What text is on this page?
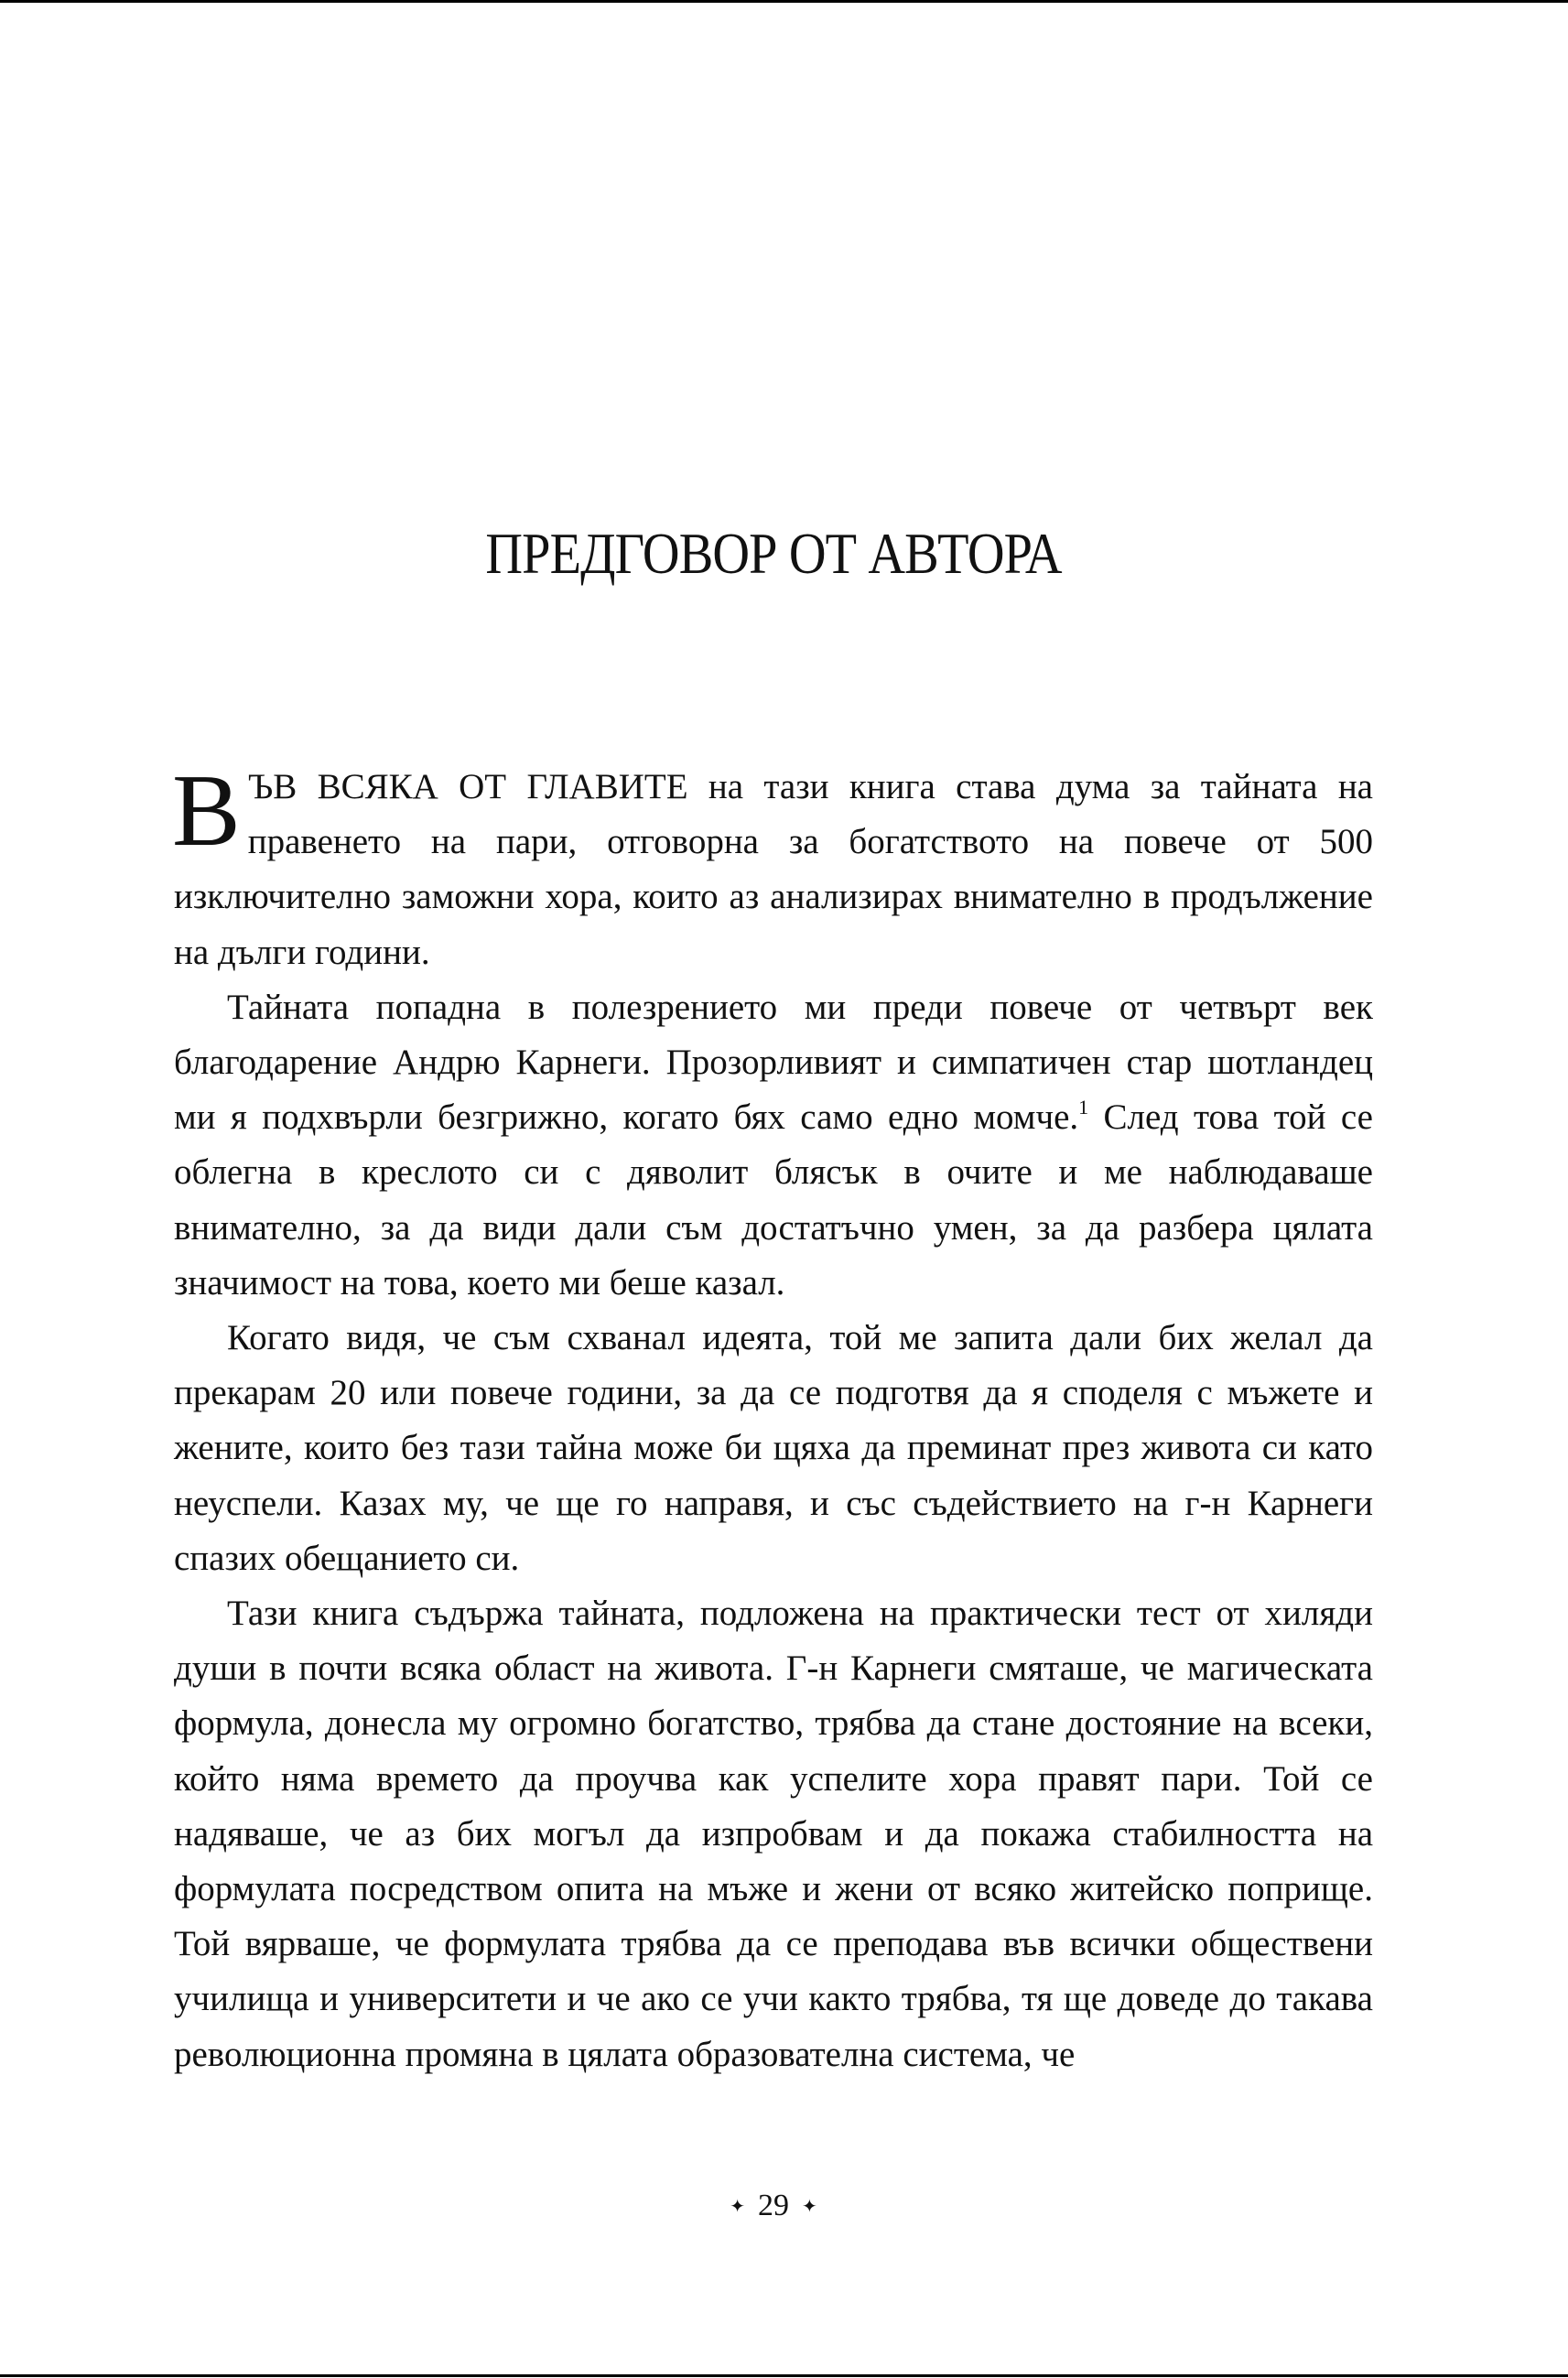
ПРЕДГОВОР ОТ АВТОРА

ВЪВ ВСЯКА ОТ ГЛАВИТЕ на тази книга става дума за тайната на правенето на пари, отговорна за богатството на повече от 500 изключително заможни хора, които аз анализирах внимателно в продължение на дълги години.

Тайната попадна в полезрението ми преди повече от четвърт век благодарение Андрю Карнеги. Прозорливият и симпатичен стар шотландец ми я подхвърли безгрижно, когато бях само едно момче.$^1$ След това той се облегна в креслото си с дяволит блясък в очите и ме наблюдаваше внимателно, за да види дали съм достатъчно умен, за да разбера цялата значимост на това, което ми беше казал.

Когато видя, че съм схванал идеята, той ме запита дали бих желал да прекарам 20 или повече години, за да се подготвя да я споделя с мъжете и жените, които без тази тайна може би щяха да преминат през живота си като неуспели. Казах му, че ще го направя, и със съдействието на г-н Карнеги спазих обещанието си.

Тази книга съдържа тайната, подложена на практически тест от хиляди души в почти всяка област на живота. Г-н Карнеги смяташе, че магическата формула, донесла му огромно богатство, трябва да стане достояние на всеки, който няма времето да проучва как успелите хора правят пари. Той се надяваше, че аз бих могъл да изпробвам и да покажа стабилността на формулата посредством опита на мъже и жени от всяко житейско поприще. Той вярваше, че формулата трябва да се преподава във всички обществени училища и университети и че ако се учи както трябва, тя ще доведе до такава революционна промяна в цялата образователна система, че

✦ 29 ✦
